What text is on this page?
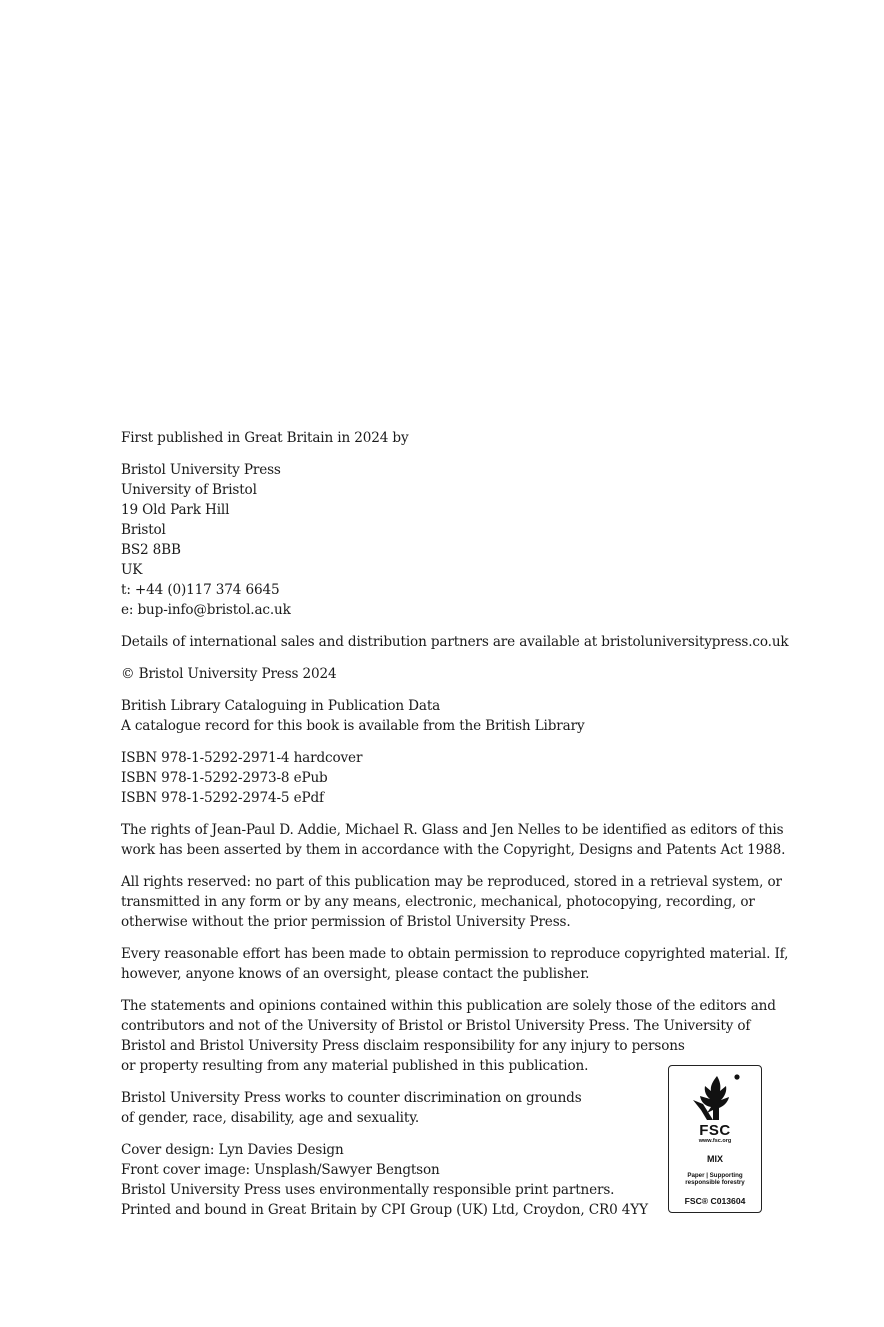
First published in Great Britain in 2024 by
Bristol University Press
University of Bristol
19 Old Park Hill
Bristol
BS2 8BB
UK
t: +44 (0)117 374 6645
e: bup-info@bristol.ac.uk
Details of international sales and distribution partners are available at bristoluniversitypress.co.uk
© Bristol University Press 2024
British Library Cataloguing in Publication Data
A catalogue record for this book is available from the British Library
ISBN 978-1-5292-2971-4 hardcover
ISBN 978-1-5292-2973-8 ePub
ISBN 978-1-5292-2974-5 ePdf
The rights of Jean-Paul D. Addie, Michael R. Glass and Jen Nelles to be identified as editors of this
work has been asserted by them in accordance with the Copyright, Designs and Patents Act 1988.
All rights reserved: no part of this publication may be reproduced, stored in a retrieval system, or
transmitted in any form or by any means, electronic, mechanical, photocopying, recording, or
otherwise without the prior permission of Bristol University Press.
Every reasonable effort has been made to obtain permission to reproduce copyrighted material. If,
however, anyone knows of an oversight, please contact the publisher.
The statements and opinions contained within this publication are solely those of the editors and
contributors and not of the University of Bristol or Bristol University Press. The University of
Bristol and Bristol University Press disclaim responsibility for any injury to persons
or property resulting from any material published in this publication.
Bristol University Press works to counter discrimination on grounds
of gender, race, disability, age and sexuality.
Cover design: Lyn Davies Design
Front cover image: Unsplash/Sawyer Bengtson
Bristol University Press uses environmentally responsible print partners.
Printed and bound in Great Britain by CPI Group (UK) Ltd, Croydon, CR0 4YY
FSC
www.fsc.org
MIX
Paper | Supporting
responsible forestry
FSC® C013604
